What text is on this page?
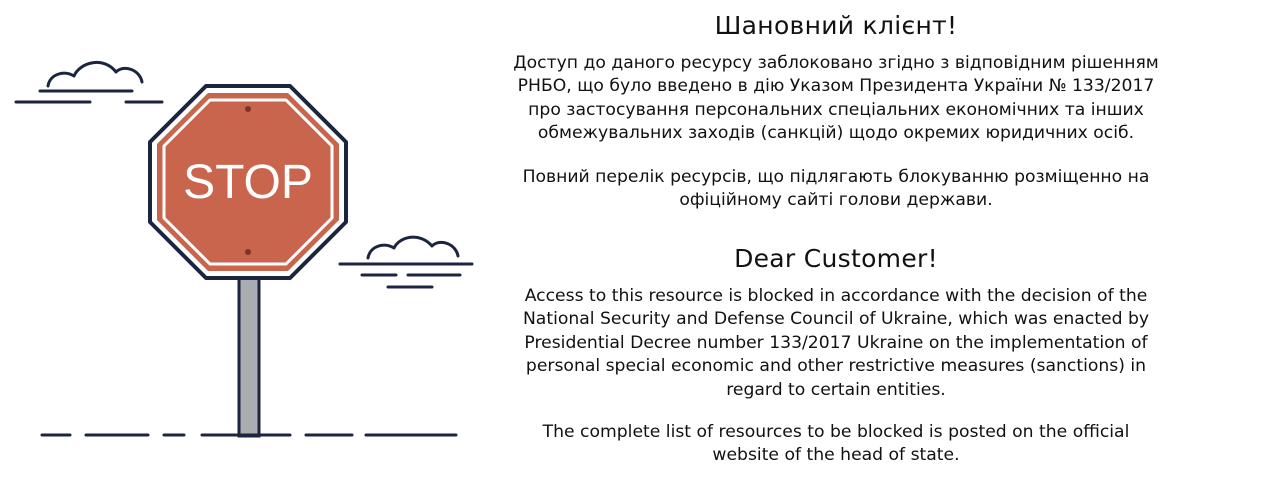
STOP
Шановний клієнт!

Доступ до даного ресурсу заблоковано згідно з відповідним рішенням
РНБО, що було введено в дію Указом Президента України № 133/2017
про застосування персональних спеціальних економічних та інших
обмежувальних заходів (санкцій) щодо окремих юридичних осіб.

Повний перелік ресурсів, що підлягають блокуванню розміщенно на
офіційному сайті голови держави.

Dear Customer!

Access to this resource is blocked in accordance with the decision of the
National Security and Defense Council of Ukraine, which was enacted by
Presidential Decree number 133/2017 Ukraine on the implementation of
personal special economic and other restrictive measures (sanctions) in
regard to certain entities.

The complete list of resources to be blocked is posted on the official
website of the head of state.
